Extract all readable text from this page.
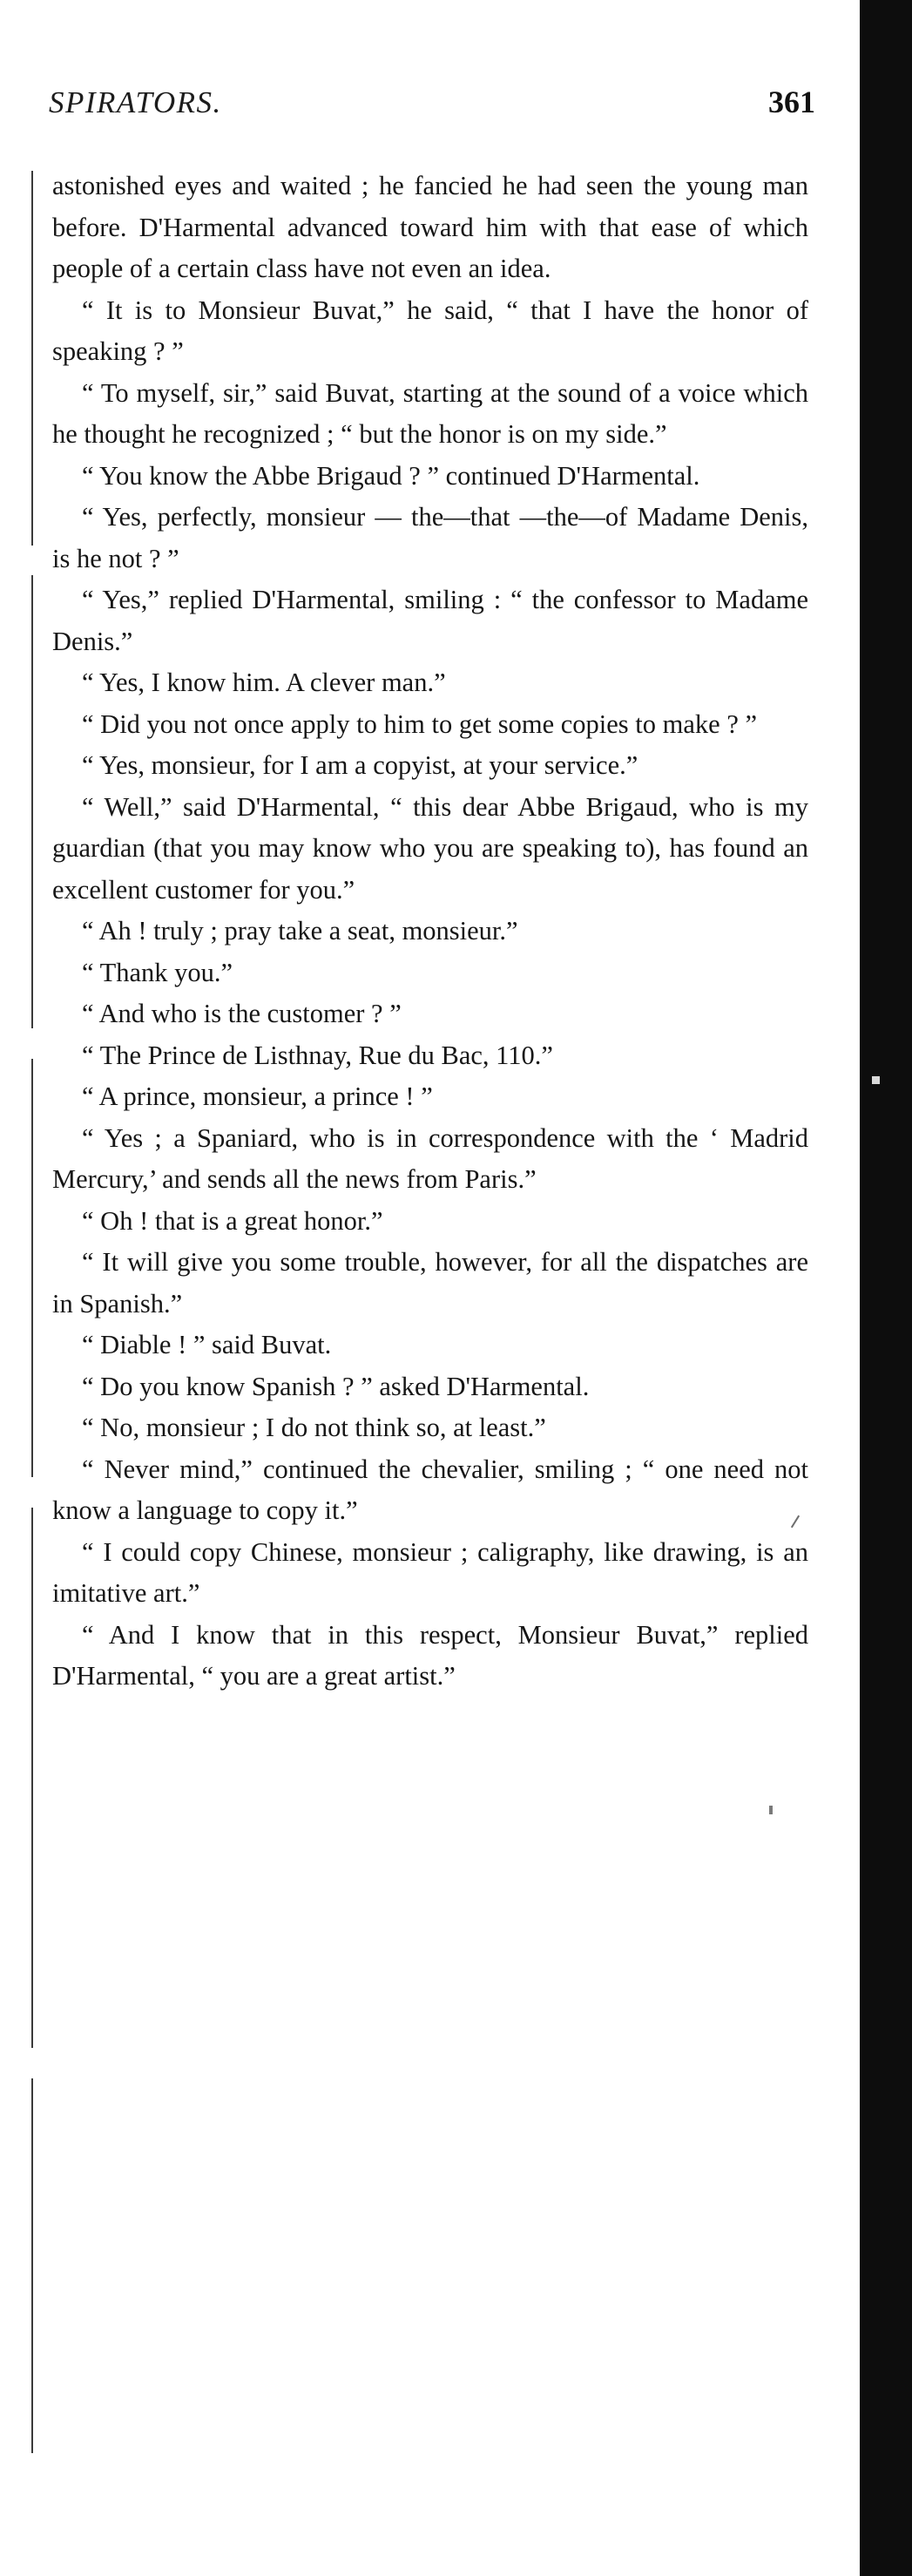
SPIRATORS.	361

astonished eyes and waited ; he fancied he had seen the young man before. D'Harmental advanced toward him with that ease of which people of a certain class have not even an idea.

“ It is to Monsieur Buvat,” he said, “ that I have the honor of speaking ? ”

“ To myself, sir,” said Buvat, starting at the sound of a voice which he thought he recognized ; “ but the honor is on my side.”

“ You know the Abbe Brigaud ? ” continued D'Harmental.

“ Yes, perfectly, monsieur — the—that —the—of Madame Denis, is he not ? ”

“ Yes,” replied D'Harmental, smiling : “ the confessor to Madame Denis.”

“ Yes, I know him. A clever man.”

“ Did you not once apply to him to get some copies to make ? ”

“ Yes, monsieur, for I am a copyist, at your service.”

“ Well,” said D'Harmental, “ this dear Abbe Brigaud, who is my guardian (that you may know who you are speaking to), has found an excellent customer for you.”

“ Ah ! truly ; pray take a seat, monsieur.”

“ Thank you.”

“ And who is the customer ? ”

“ The Prince de Listhnay, Rue du Bac, 110.”

“ A prince, monsieur, a prince ! ”

“ Yes ; a Spaniard, who is in correspondence with the ‘ Madrid Mercury,’ and sends all the news from Paris.”

“ Oh ! that is a great honor.”

“ It will give you some trouble, however, for all the dispatches are in Spanish.”

“ Diable ! ” said Buvat.

“ Do you know Spanish ? ” asked D'Harmental.

“ No, monsieur ; I do not think so, at least.”

“ Never mind,” continued the chevalier, smiling ; “ one need not know a language to copy it.”

“ I could copy Chinese, monsieur ; caligraphy, like drawing, is an imitative art.”

“ And I know that in this respect, Monsieur Buvat,” replied D'Harmental, “ you are a great artist.”
